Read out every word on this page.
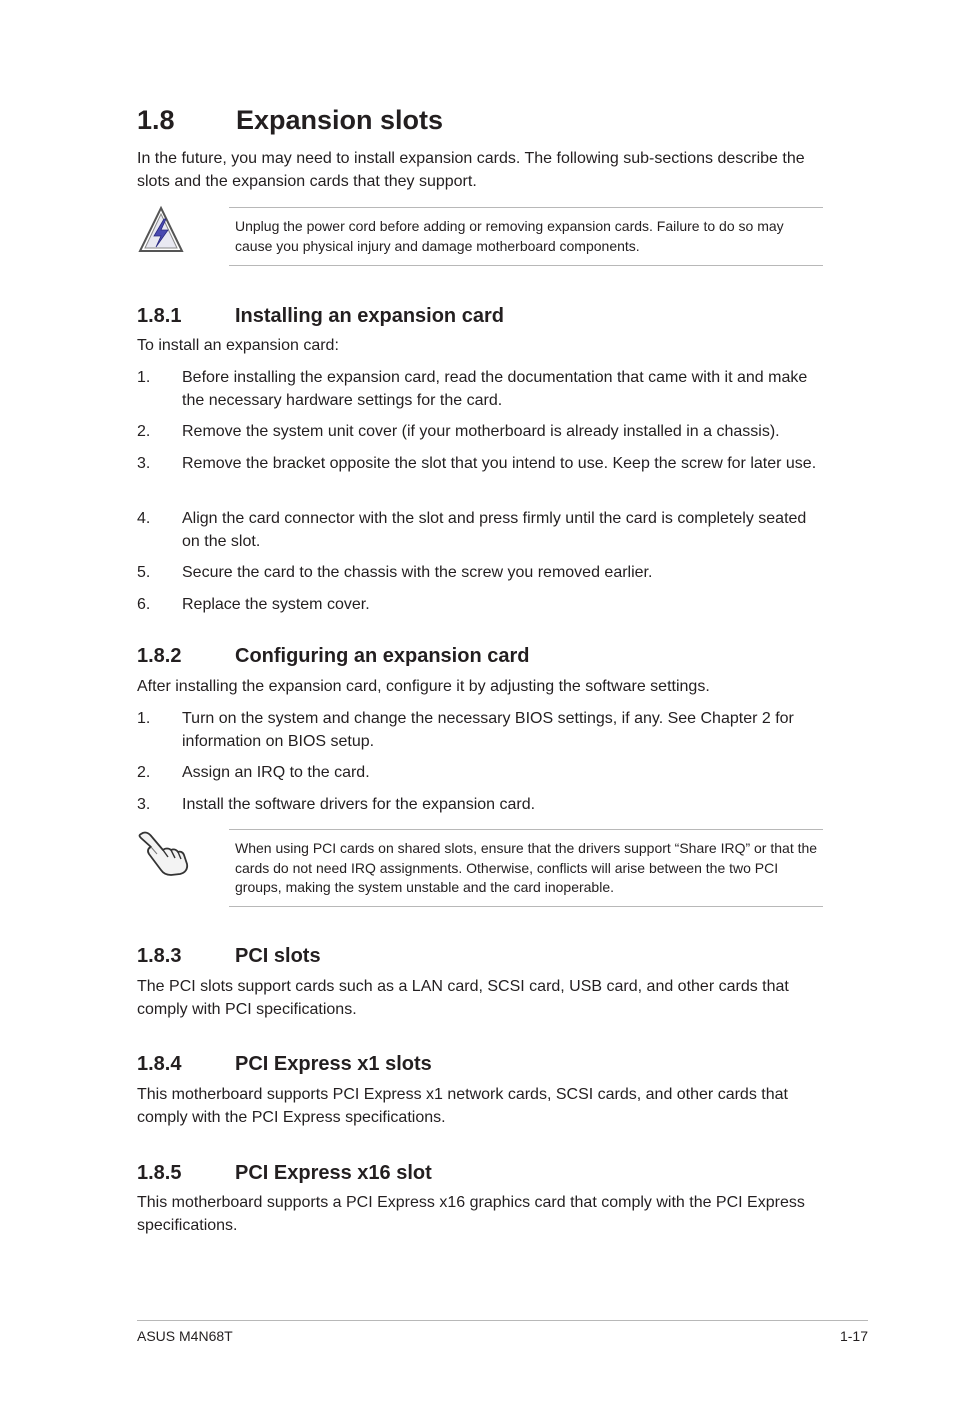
1.8 Expansion slots

In the future, you may need to install expansion cards. The following sub-sections describe the slots and the expansion cards that they support.

Unplug the power cord before adding or removing expansion cards. Failure to do so may cause you physical injury and damage motherboard components.
1.8.1	Installing an expansion card

To install an expansion card:

1. Before installing the expansion card, read the documentation that came with it and make the necessary hardware settings for the card.
2. Remove the system unit cover (if your motherboard is already installed in a chassis).
3. Remove the bracket opposite the slot that you intend to use. Keep the screw for later use.
4. Align the card connector with the slot and press firmly until the card is completely seated on the slot.
5. Secure the card to the chassis with the screw you removed earlier.
6. Replace the system cover.
1.8.2	Configuring an expansion card

After installing the expansion card, configure it by adjusting the software settings.

1. Turn on the system and change the necessary BIOS settings, if any. See Chapter 2 for information on BIOS setup.
2. Assign an IRQ to the card.
3. Install the software drivers for the expansion card.
When using PCI cards on shared slots, ensure that the drivers support “Share IRQ” or that the cards do not need IRQ assignments. Otherwise, conflicts will arise between the two PCI groups, making the system unstable and the card inoperable.
1.8.3	PCI slots

The PCI slots support cards such as a LAN card, SCSI card, USB card, and other cards that comply with PCI specifications.

1.8.4	PCI Express x1 slots

This motherboard supports PCI Express x1 network cards, SCSI cards, and other cards that comply with the PCI Express specifications.

1.8.5	PCI Express x16 slot

This motherboard supports a PCI Express x16 graphics card that comply with the PCI Express specifications.

ASUS M4N68T	1-17
